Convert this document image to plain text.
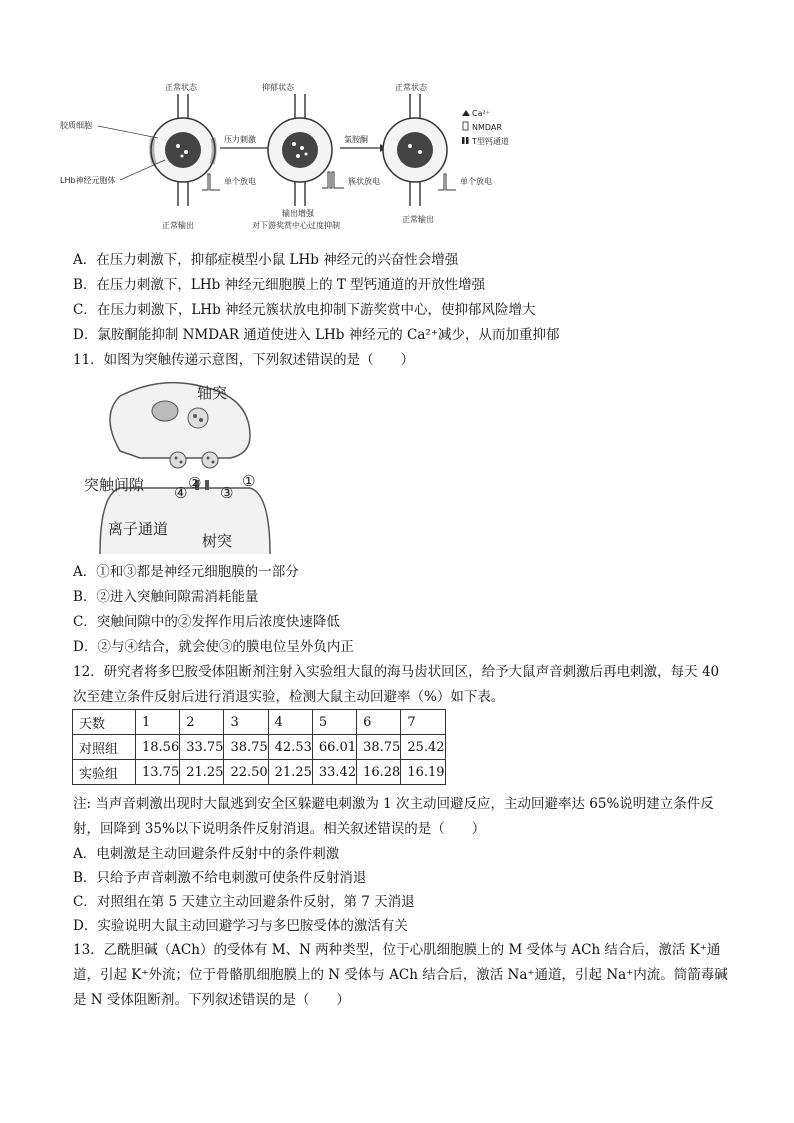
正常状态
胶质细胞
LHb神经元胞体	单个放电
正常输出
压力刺激
抑郁状态
簇状放电
输出增强
对下游奖赏中心过度抑制
氯胺酮
正常状态
单个放电
正常输出
Ca²⁺
NMDAR
T型钙通道
A．在压力刺激下，抑郁症模型小鼠 LHb 神经元的兴奋性会增强
B．在压力刺激下，LHb 神经元细胞膜上的 T 型钙通道的开放性增强
C．在压力刺激下，LHb 神经元簇状放电抑制下游奖赏中心，使抑郁风险增大
D．氯胺酮能抑制 NMDAR 通道使进入 LHb 神经元的 Ca²⁺减少，从而加重抑郁
11．如图为突触传递示意图，下列叙述错误的是（　　）
轴突
突触间隙
离子通道
树突
②
④ ③
①
A．①和③都是神经元细胞膜的一部分
B．②进入突触间隙需消耗能量
C．突触间隙中的②发挥作用后浓度快速降低
D．②与④结合，就会使③的膜电位呈外负内正
12．研究者将多巴胺受体阻断剂注射入实验组大鼠的海马齿状回区，给予大鼠声音刺激后再电刺激，每天 40
次至建立条件反射后进行消退实验，检测大鼠主动回避率（%）如下表。
天数	1	2	3	4	5	6	7
对照组	18.56	33.75	38.75	42.53	66.01	38.75	25.42
实验组	13.75	21.25	22.50	21.25	33.42	16.28	16.19
注: 当声音刺激出现时大鼠逃到安全区躲避电刺激为 1 次主动回避反应，主动回避率达 65%说明建立条件反
射，回降到 35%以下说明条件反射消退。相关叙述错误的是（　　）
A．电刺激是主动回避条件反射中的条件刺激
B．只给予声音刺激不给电刺激可使条件反射消退
C．对照组在第 5 天建立主动回避条件反射，第 7 天消退
D．实验说明大鼠主动回避学习与多巴胺受体的激活有关
13．乙酰胆碱（ACh）的受体有 M、N 两种类型，位于心肌细胞膜上的 M 受体与 ACh 结合后，激活 K⁺通
道，引起 K⁺外流；位于骨骼肌细胞膜上的 N 受体与 ACh 结合后，激活 Na⁺通道，引起 Na⁺内流。筒箭毒碱
是 N 受体阻断剂。下列叙述错误的是（　　）
